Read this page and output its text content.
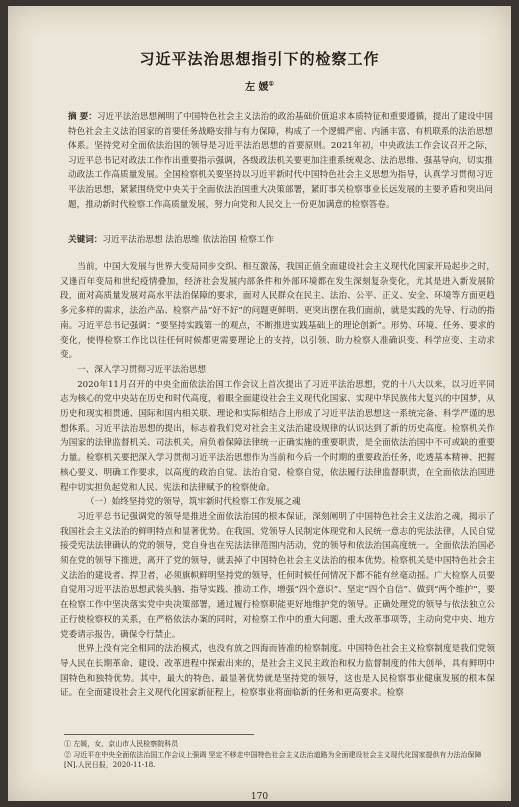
习近平法治思想指引下的检察工作
左 媛①
摘 要：习近平法治思想阐明了中国特色社会主义法治的政治基础价值追求本质特征和重要遵循，提出了建设中国特色社会主义法治国家的首要任务战略安排与有力保障，构成了一个逻辑严密、内涵丰富、有机联系的法治思想体系。坚持党对全面依法治国的领导是习近平法治思想的首要原则。2021年初，中央政法工作会议召开之际，习近平总书记对政法工作作出重要指示强调，各级政法机关要更加注重系统观念、法治思维、强基导向，切实推动政法工作高质量发展。全国检察机关要坚持以习近平新时代中国特色社会主义思想为指导，认真学习贯彻习近平法治思想，紧紧围绕党中央关于全面依法治国重大决策部署，紧盯事关检察事业长远发展的主要矛盾和突出问题，推动新时代检察工作高质量发展，努力向党和人民交上一份更加满意的检察答卷。
关键词：习近平法治思想 法治思维 依法治国 检察工作

当前，中国大发展与世界大变局同步交织、相互激荡，我国正值全面建设社会主义现代化国家开局起步之时，又逢百年变局和世纪疫情叠加，经济社会发展内部条件和外部环境都在发生深刻复杂变化，尤其是进入新发展阶段，面对高质量发展对高水平法治保障的要求，面对人民群众在民主、法治、公平、正义、安全、环境等方面更趋多元多样的需求，法治产品、检察产品“好不好”的问题更鲜明、更突出摆在我们面前，就是实践的先导、行动的指南。习近平总书记强调：“要坚持实践第一的观点，不断推进实践基础上的理论创新”。形势、环境、任务、要求的变化，使得检察工作比以往任何时候都更需要理论上的支持，以引领、助力检察人准确识变、科学应变、主动求变。

一、深入学习贯彻习近平法治思想

2020年11月召开的中央全面依法治国工作会议上首次提出了习近平法治思想，党的十八大以来，以习近平同志为核心的党中央站在历史和时代高度，着眼全面建设社会主义现代化国家、实现中华民族伟大复兴的中国梦，从历史和现实相贯通、国际和国内相关联、理论和实际相结合上形成了习近平法治思想这一系统完备、科学严谨的思想体系。习近平法治思想的提出，标志着我们党对社会主义法治建设规律的认识达到了新的历史高度。检察机关作为国家的法律监督机关、司法机关，肩负着保障法律统一正确实施的重要职责，是全面依法治国中不可或缺的重要力量。检察机关要把深入学习贯彻习近平法治思想作为当前和今后一个时期的重要政治任务，吃透基本精神、把握核心要义、明确工作要求，以高度的政治自觉、法治自觉、检察自觉，依法履行法律监督职责，在全面依法治国进程中切实担负起党和人民、宪法和法律赋予的检察使命。

（一）始终坚持党的领导，筑牢新时代检察工作发展之魂

习近平总书记强调党的领导是推进全面依法治国的根本保证，深刻阐明了中国特色社会主义法治之魂，揭示了我国社会主义法治的鲜明特点和显著优势。在我国，党领导人民制定体现党和人民统一意志的宪法法律，人民自觉接受宪法法律确认的党的领导，党自身也在宪法法律范围内活动，党的领导和依法治国高度统一。全面依法治国必须在党的领导下推进，离开了党的领导，就丢掉了中国特色社会主义法治的根本优势。检察机关是中国特色社会主义法治的建设者、捍卫者，必须旗帜鲜明坚持党的领导，任何时候任何情况下都不能有丝毫动摇。广大检察人员要自觉用习近平法治思想武装头脑、指导实践、推动工作，增强“四个意识”、坚定“四个自信”、做到“两个维护”，要在检察工作中坚决落实党中央决策部署，通过履行检察职能更好地维护党的领导。正确处理党的领导与依法独立公正行使检察权的关系，在严格依法办案的同时，对检察工作中的重大问题、重大改革事项等，主动向党中央、地方党委请示报告，确保令行禁止。

世界上没有完全相同的法治模式，也没有放之四海而皆准的检察制度。中国特色社会主义检察制度是我们党领导人民在长期革命、建设、改革进程中探索出来的，是社会主义民主政治和权力监督制度的伟大创举，具有鲜明中国特色和独特优势。其中，最大的特色、最显著优势就是坚持党的领导，这也是人民检察事业健康发展的根本保证。在全面建设社会主义现代化国家新征程上，检察事业将面临新的任务和更高要求。检察

① 左媛，女，京山市人民检察院科员

② 习近平在中央全面依法治国工作会议上强调 坚定不移走中国特色社会主义法治道路为全面建设社会主义现代化国家提供有力法治保障[N].人民日报，2020-11-18.

170
